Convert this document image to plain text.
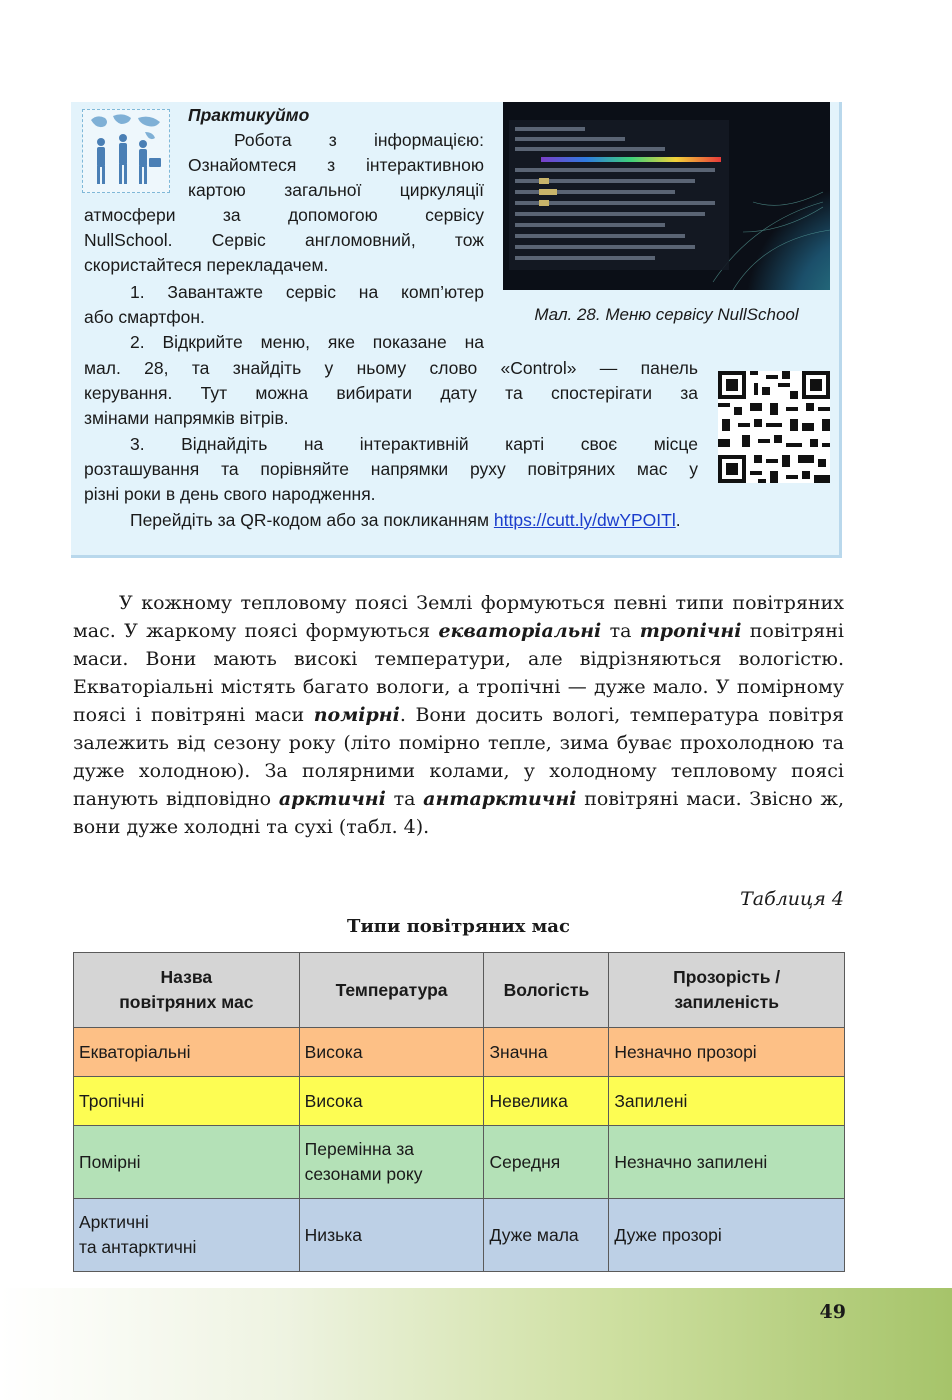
Практикуймо
Робота з інформацією:
Ознайомтеся з інтерактивною
картою загальної циркуляції
атмосфери за допомогою сервісу
NullSchool. Сервіс англомовний, тож
скористайтеся перекладачем.
1. Завантажте сервіс на комп’ютер
або смартфон.
2. Відкрийте меню, яке показане на
мал. 28, та знайдіть у ньому слово «Control» — панель
керування. Тут можна вибирати дату та спостерігати за
змінами напрямків вітрів.
3. Віднайдіть на інтерактивній карті своє місце
розташування та порівняйте напрямки руху повітряних мас у
різні роки в день свого народження.
Перейдіть за QR-кодом або за покликанням https://cutt.ly/dwYPOITl.
Мал. 28. Меню сервісу NullSchool

У кожному тепловому поясі Землі формуються певні типи повітряних мас. У жаркому поясі формуються екваторіальні та тропічні повітряні маси. Вони мають високі температури, але відрізняються вологістю. Екваторіальні містять багато вологи, а тропічні — дуже мало. У помірному поясі і повітряні маси помірні. Вони досить вологі, температура повітря залежить від сезону року (літо помірно тепле, зима буває прохолодною та дуже холодною). За полярними колами, у холодному тепловому поясі панують відповідно арктичні та антарктичні повітряні маси. Звісно ж, вони дуже холодні та сухі (табл. 4).

Таблиця 4
Типи повітряних мас
Назва
повітряних мас	Температура	Вологість	Прозорість /
запиленість
Екваторіальні	Висока	Значна	Незначно прозорі
Тропічні	Висока	Невелика	Запилені
Помірні	Перемінна за
сезонами року	Середня	Незначно запилені
Арктичні
та антарктичні	Низька	Дуже мала	Дуже прозорі
49
